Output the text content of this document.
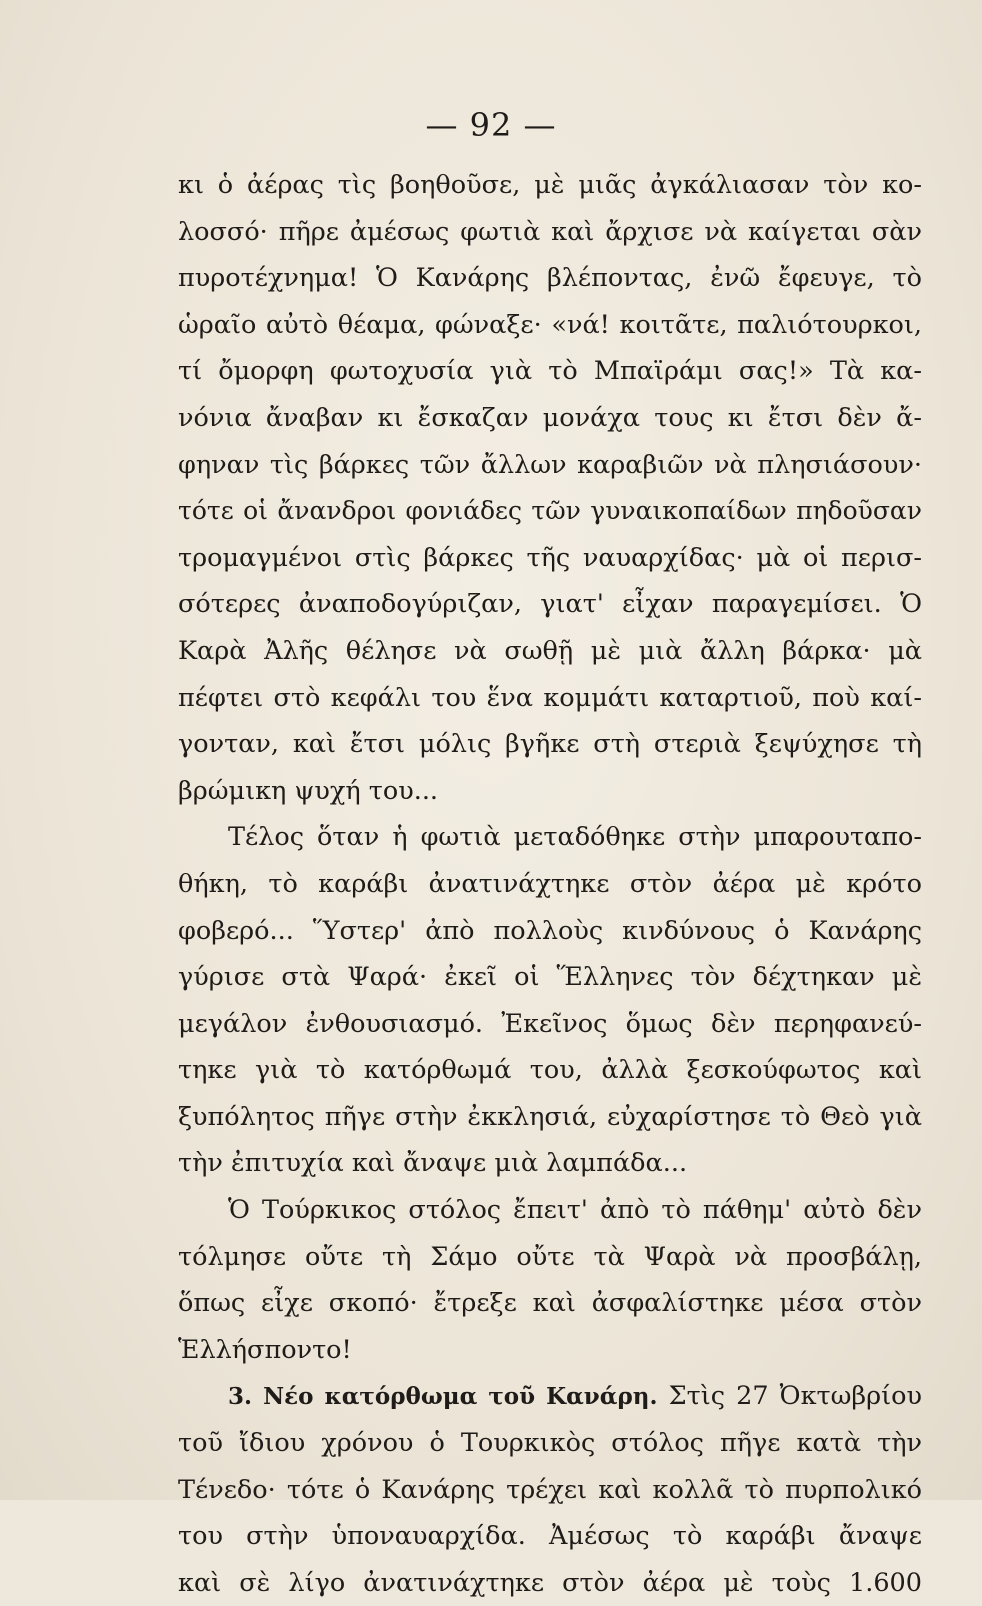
— 92 —
κι ὁ ἀέρας τὶς βοηθοῦσε, μὲ μιᾶς ἀγκάλιασαν τὸν κο-
λοσσό· πῆρε ἀμέσως φωτιὰ καὶ ἄρχισε νὰ καίγεται σὰν
πυροτέχνημα! Ὁ Κανάρης βλέποντας, ἐνῶ ἔφευγε, τὸ
ὡραῖο αὐτὸ θέαμα, φώναξε· «νά! κοιτᾶτε, παλιότουρκοι,
τί ὄμορφη φωτοχυσία γιὰ τὸ Μπαϊράμι σας!» Τὰ κα-
νόνια ἄναβαν κι ἔσκαζαν μονάχα τους κι ἔτσι δὲν ἄ-
φηναν τὶς βάρκες τῶν ἄλλων καραβιῶν νὰ πλησιάσουν·
τότε οἱ ἄνανδροι φονιάδες τῶν γυναικοπαίδων πηδοῦσαν
τρομαγμένοι στὶς βάρκες τῆς ναυαρχίδας· μὰ οἱ περισ-
σότερες ἀναποδογύριζαν, γιατ' εἶχαν παραγεμίσει. Ὁ
Καρὰ Ἀλῆς θέλησε νὰ σωθῇ μὲ μιὰ ἄλλη βάρκα· μὰ
πέφτει στὸ κεφάλι του ἕνα κομμάτι καταρτιοῦ, ποὺ καί-
γονταν, καὶ ἔτσι μόλις βγῆκε στὴ στεριὰ ξεψύχησε τὴ
βρώμικη ψυχή του...
Τέλος ὅταν ἡ φωτιὰ μεταδόθηκε στὴν μπαρουταπο-
θήκη, τὸ καράβι ἀνατινάχτηκε στὸν ἀέρα μὲ κρότο
φοβερό... Ὕστερ' ἀπὸ πολλοὺς κινδύνους ὁ Κανάρης
γύρισε στὰ Ψαρά· ἐκεῖ οἱ Ἕλληνες τὸν δέχτηκαν μὲ
μεγάλον ἐνθουσιασμό. Ἐκεῖνος ὅμως δὲν περηφανεύ-
τηκε γιὰ τὸ κατόρθωμά του, ἀλλὰ ξεσκούφωτος καὶ
ξυπόλητος πῆγε στὴν ἐκκλησιά, εὐχαρίστησε τὸ Θεὸ γιὰ
τὴν ἐπιτυχία καὶ ἄναψε μιὰ λαμπάδα...
Ὁ Τούρκικος στόλος ἔπειτ' ἀπὸ τὸ πάθημ' αὐτὸ δὲν
τόλμησε οὔτε τὴ Σάμο οὔτε τὰ Ψαρὰ νὰ προσβάλῃ,
ὅπως εἶχε σκοπό· ἔτρεξε καὶ ἀσφαλίστηκε μέσα στὸν
Ἑλλήσποντο!
3. Νέο κατόρθωμα τοῦ Κανάρη. Στὶς 27 Ὀκτωβρίου
τοῦ ἴδιου χρόνου ὁ Τουρκικὸς στόλος πῆγε κατὰ τὴν
Τένεδο· τότε ὁ Κανάρης τρέχει καὶ κολλᾶ τὸ πυρπολικό
του στὴν ὑποναυαρχίδα. Ἀμέσως τὸ καράβι ἄναψε
καὶ σὲ λίγο ἀνατινάχτηκε στὸν ἀέρα μὲ τοὺς 1.600
